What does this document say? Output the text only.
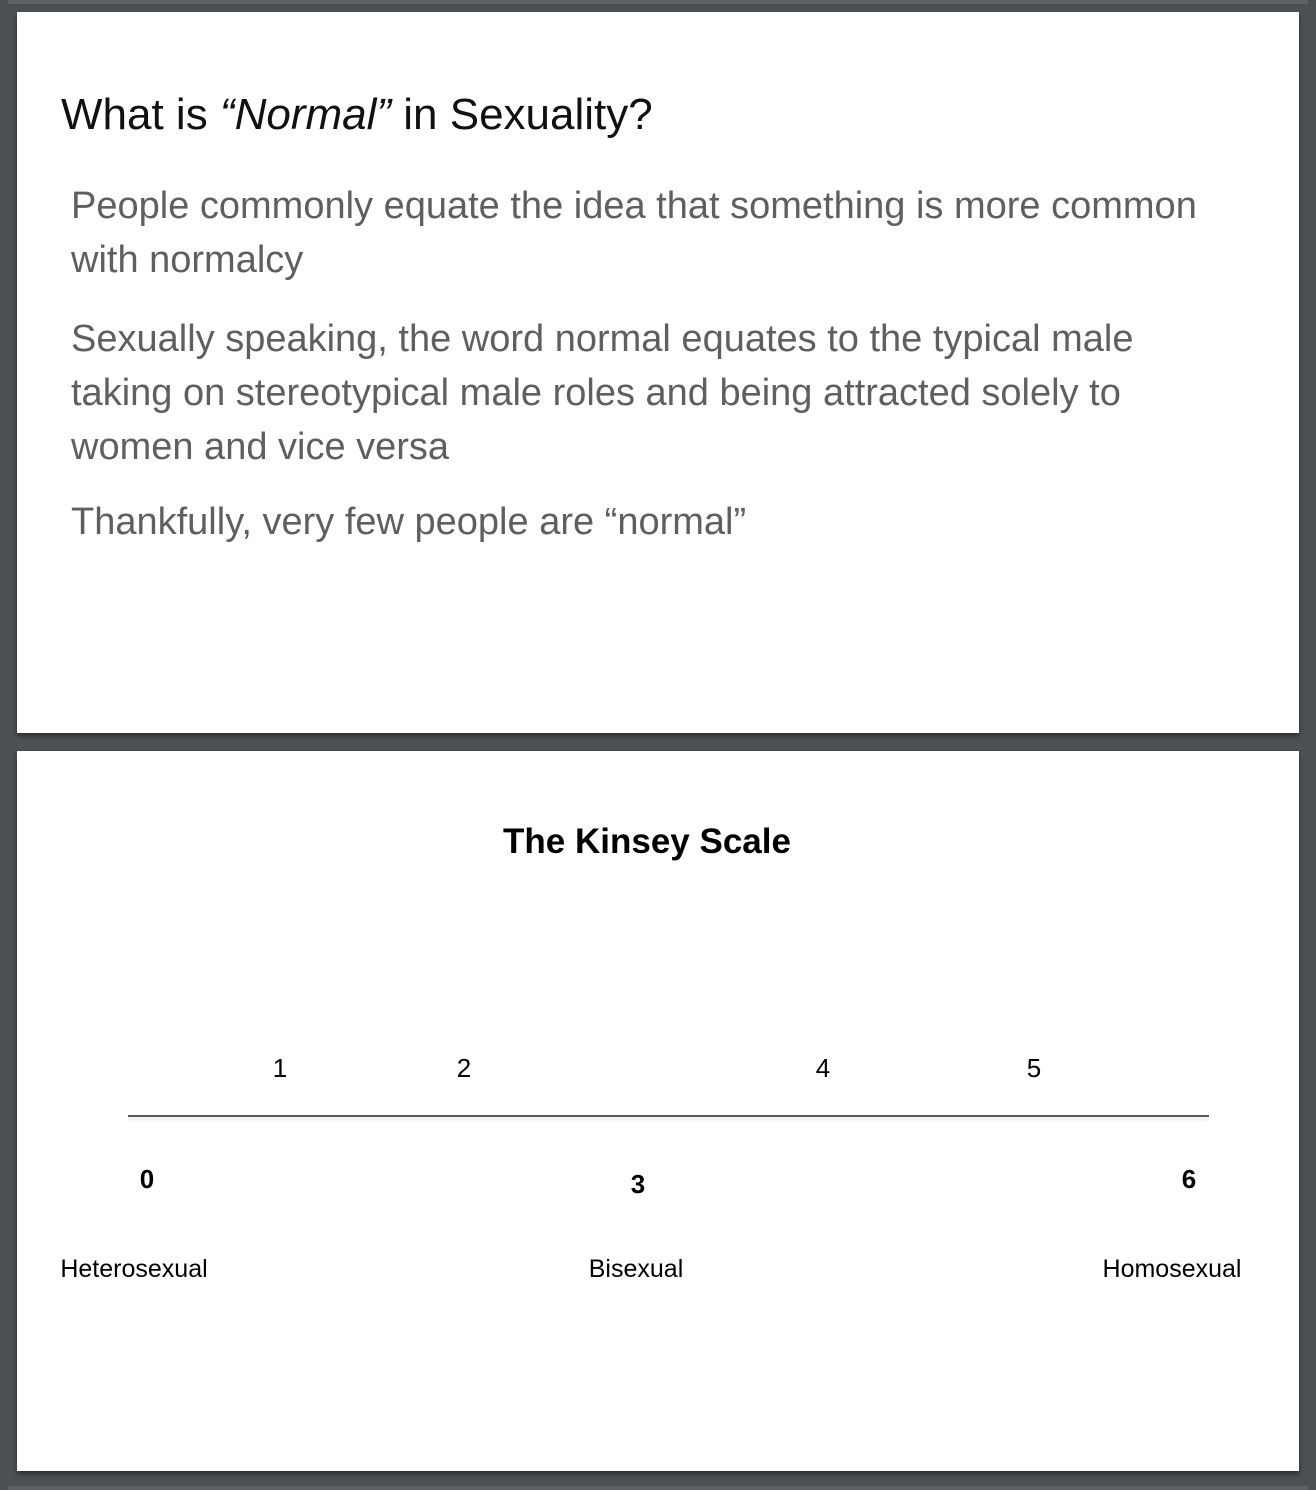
What is “Normal” in Sexuality?
People commonly equate the idea that something is more common
with normalcy
Sexually speaking, the word normal equates to the typical male
taking on stereotypical male roles and being attracted solely to
women and vice versa
Thankfully, very few people are “normal”
The Kinsey Scale
1	2	4	5
0	3	6
Heterosexual	Bisexual	Homosexual
